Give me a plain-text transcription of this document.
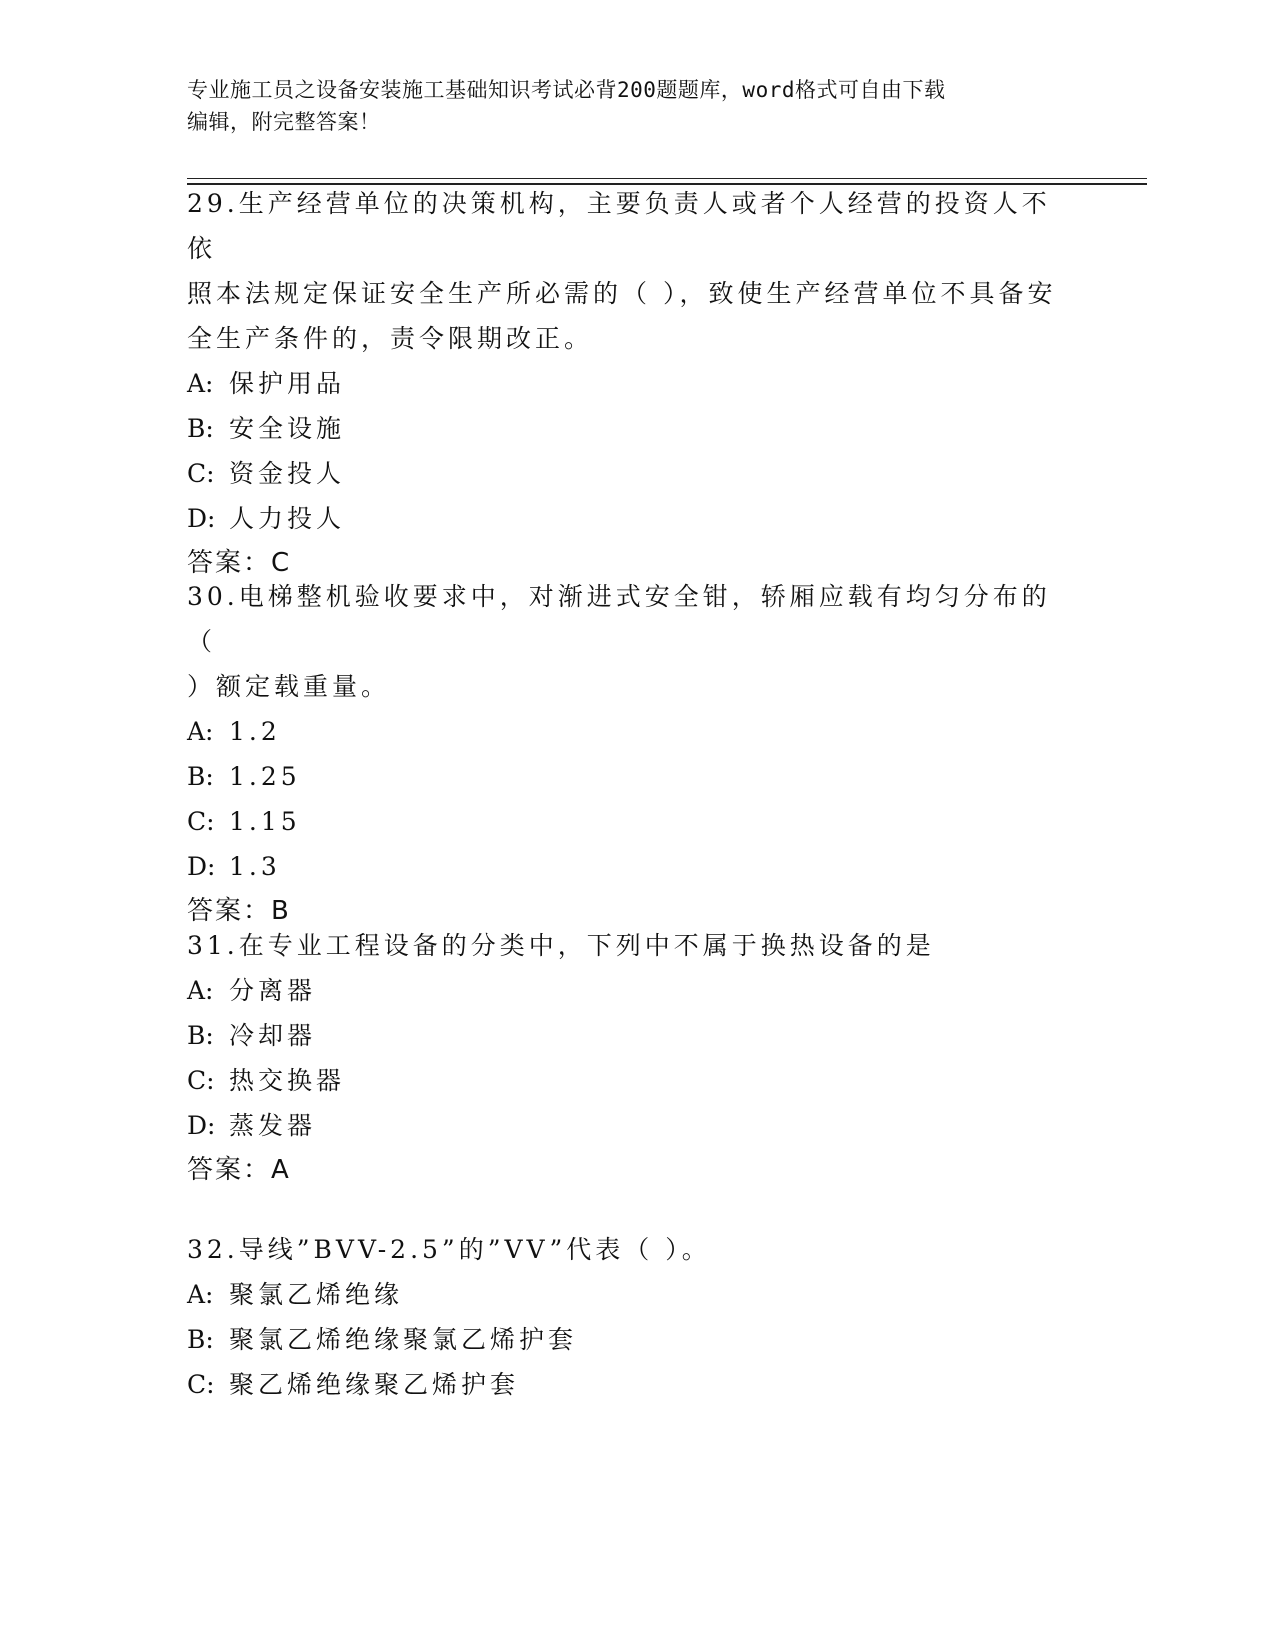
专业施工员之设备安装施工基础知识考试必背200题题库，word格式可自由下载
编辑，附完整答案！

29.生产经营单位的决策机构，主要负责人或者个人经营的投资人不依

照本法规定保证安全生产所必需的（ ），致使生产经营单位不具备安

全生产条件的，责令限期改正。

A: 保护用品

B: 安全设施

C: 资金投人

D: 人力投人

答案：C

30.电梯整机验收要求中，对渐进式安全钳，轿厢应载有均匀分布的（

）额定载重量。

A: 1.2

B: 1.25

C: 1.15

D: 1.3

答案：B

31.在专业工程设备的分类中，下列中不属于换热设备的是

A: 分离器

B: 冷却器

C: 热交换器

D: 蒸发器

答案：A

32.导线”BVV-2.5”的”VV”代表（ ）。

A: 聚氯乙烯绝缘

B: 聚氯乙烯绝缘聚氯乙烯护套

C: 聚乙烯绝缘聚乙烯护套
